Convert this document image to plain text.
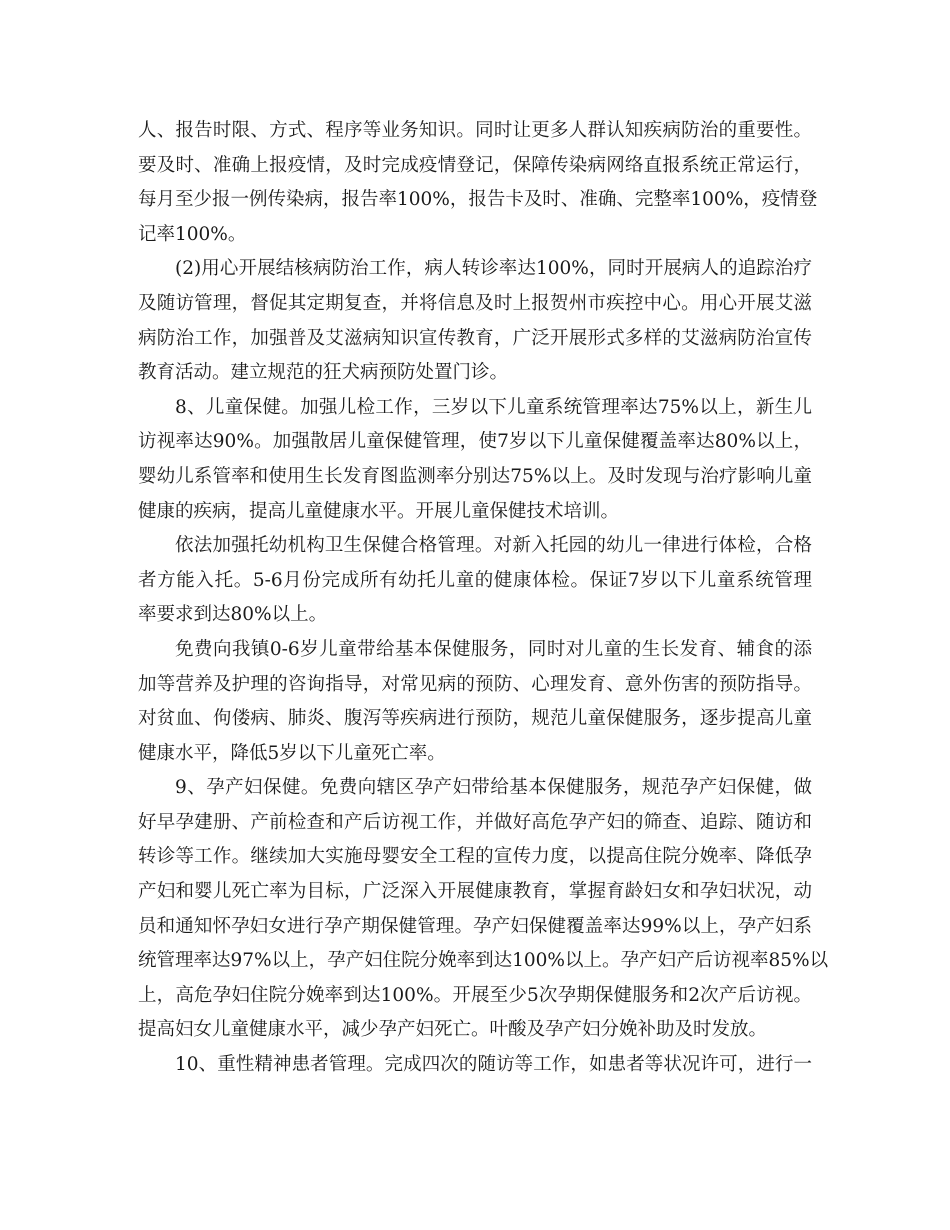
人、报告时限、方式、程序等业务知识。同时让更多人群认知疾病防治的重要性。
要及时、准确上报疫情，及时完成疫情登记，保障传染病网络直报系统正常运行，
每月至少报一例传染病，报告率100%，报告卡及时、准确、完整率100%，疫情登
记率100%。
(2)用心开展结核病防治工作，病人转诊率达100%，同时开展病人的追踪治疗
及随访管理，督促其定期复查，并将信息及时上报贺州市疾控中心。用心开展艾滋
病防治工作，加强普及艾滋病知识宣传教育，广泛开展形式多样的艾滋病防治宣传
教育活动。建立规范的狂犬病预防处置门诊。
8、儿童保健。加强儿检工作，三岁以下儿童系统管理率达75%以上，新生儿
访视率达90%。加强散居儿童保健管理，使7岁以下儿童保健覆盖率达80%以上，
婴幼儿系管率和使用生长发育图监测率分别达75%以上。及时发现与治疗影响儿童
健康的疾病，提高儿童健康水平。开展儿童保健技术培训。
依法加强托幼机构卫生保健合格管理。对新入托园的幼儿一律进行体检，合格
者方能入托。5-6月份完成所有幼托儿童的健康体检。保证7岁以下儿童系统管理
率要求到达80%以上。
免费向我镇0-6岁儿童带给基本保健服务，同时对儿童的生长发育、辅食的添
加等营养及护理的咨询指导，对常见病的预防、心理发育、意外伤害的预防指导。
对贫血、佝偻病、肺炎、腹泻等疾病进行预防，规范儿童保健服务，逐步提高儿童
健康水平，降低5岁以下儿童死亡率。
9、孕产妇保健。免费向辖区孕产妇带给基本保健服务，规范孕产妇保健，做
好早孕建册、产前检查和产后访视工作，并做好高危孕产妇的筛查、追踪、随访和
转诊等工作。继续加大实施母婴安全工程的宣传力度，以提高住院分娩率、降低孕
产妇和婴儿死亡率为目标，广泛深入开展健康教育，掌握育龄妇女和孕妇状况，动
员和通知怀孕妇女进行孕产期保健管理。孕产妇保健覆盖率达99%以上，孕产妇系
统管理率达97%以上，孕产妇住院分娩率到达100%以上。孕产妇产后访视率85%以
上，高危孕妇住院分娩率到达100%。开展至少5次孕期保健服务和2次产后访视。
提高妇女儿童健康水平，减少孕产妇死亡。叶酸及孕产妇分娩补助及时发放。
10、重性精神患者管理。完成四次的随访等工作，如患者等状况许可，进行一
